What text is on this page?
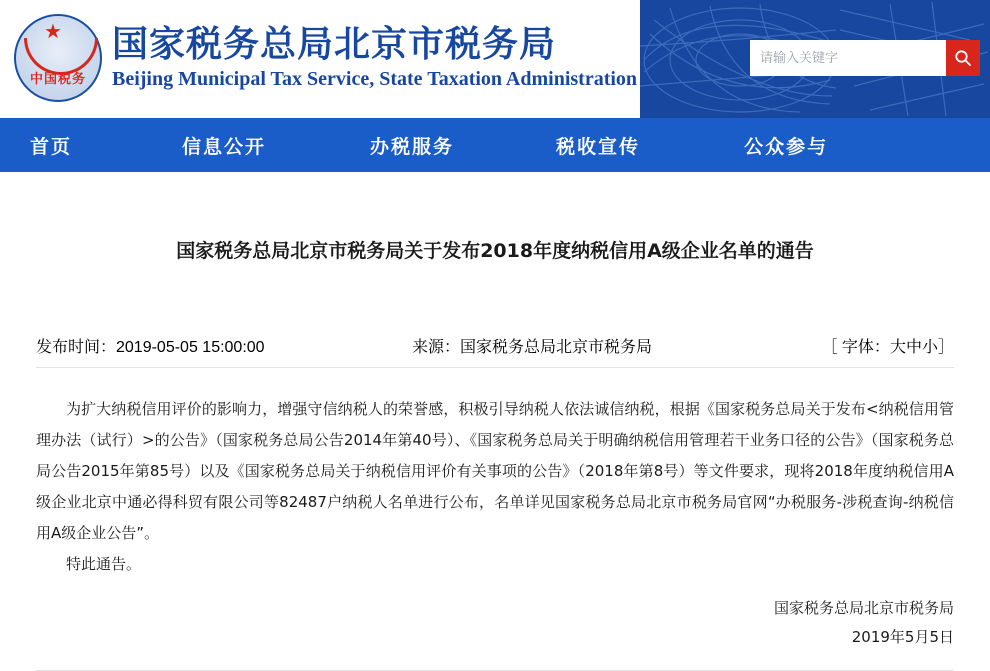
★
中国税务
国家税务总局北京市税务局
Beijing Municipal Tax Service, State Taxation Administration
请输入关键字
首页	信息公开	办税服务	税收宣传	公众参与
国家税务总局北京市税务局关于发布2018年度纳税信用A级企业名单的通告
发布时间：2019-05-05 15:00:00	来源：国家税务总局北京市税务局	［ 字体：大中小］

为扩大纳税信用评价的影响力，增强守信纳税人的荣誉感，积极引导纳税人依法诚信纳税，根据《国家税务总局关于发布<纳税信用管理办法（试行）>的公告》（国家税务总局公告2014年第40号）、《国家税务总局关于明确纳税信用管理若干业务口径的公告》（国家税务总局公告2015年第85号）以及《国家税务总局关于纳税信用评价有关事项的公告》（2018年第8号）等文件要求，现将2018年度纳税信用A级企业北京中通必得科贸有限公司等82487户纳税人名单进行公布，名单详见国家税务总局北京市税务局官网“办税服务-涉税查询-纳税信用A级企业公告”。

特此通告。

国家税务总局北京市税务局
2019年5月5日
